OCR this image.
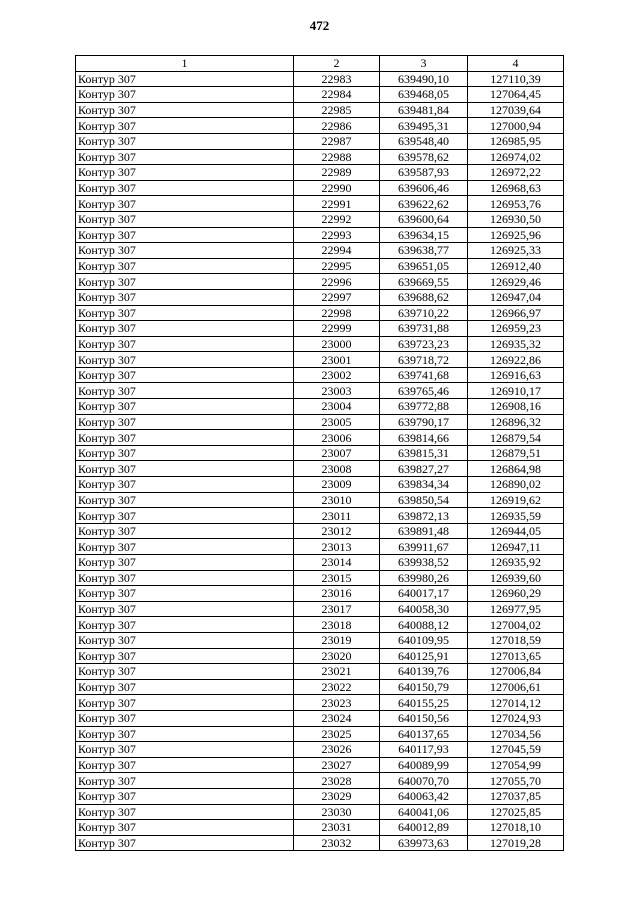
472
1	2	3	4
Контур 307	22983	639490,10	127110,39
Контур 307	22984	639468,05	127064,45
Контур 307	22985	639481,84	127039,64
Контур 307	22986	639495,31	127000,94
Контур 307	22987	639548,40	126985,95
Контур 307	22988	639578,62	126974,02
Контур 307	22989	639587,93	126972,22
Контур 307	22990	639606,46	126968,63
Контур 307	22991	639622,62	126953,76
Контур 307	22992	639600,64	126930,50
Контур 307	22993	639634,15	126925,96
Контур 307	22994	639638,77	126925,33
Контур 307	22995	639651,05	126912,40
Контур 307	22996	639669,55	126929,46
Контур 307	22997	639688,62	126947,04
Контур 307	22998	639710,22	126966,97
Контур 307	22999	639731,88	126959,23
Контур 307	23000	639723,23	126935,32
Контур 307	23001	639718,72	126922,86
Контур 307	23002	639741,68	126916,63
Контур 307	23003	639765,46	126910,17
Контур 307	23004	639772,88	126908,16
Контур 307	23005	639790,17	126896,32
Контур 307	23006	639814,66	126879,54
Контур 307	23007	639815,31	126879,51
Контур 307	23008	639827,27	126864,98
Контур 307	23009	639834,34	126890,02
Контур 307	23010	639850,54	126919,62
Контур 307	23011	639872,13	126935,59
Контур 307	23012	639891,48	126944,05
Контур 307	23013	639911,67	126947,11
Контур 307	23014	639938,52	126935,92
Контур 307	23015	639980,26	126939,60
Контур 307	23016	640017,17	126960,29
Контур 307	23017	640058,30	126977,95
Контур 307	23018	640088,12	127004,02
Контур 307	23019	640109,95	127018,59
Контур 307	23020	640125,91	127013,65
Контур 307	23021	640139,76	127006,84
Контур 307	23022	640150,79	127006,61
Контур 307	23023	640155,25	127014,12
Контур 307	23024	640150,56	127024,93
Контур 307	23025	640137,65	127034,56
Контур 307	23026	640117,93	127045,59
Контур 307	23027	640089,99	127054,99
Контур 307	23028	640070,70	127055,70
Контур 307	23029	640063,42	127037,85
Контур 307	23030	640041,06	127025,85
Контур 307	23031	640012,89	127018,10
Контур 307	23032	639973,63	127019,28
